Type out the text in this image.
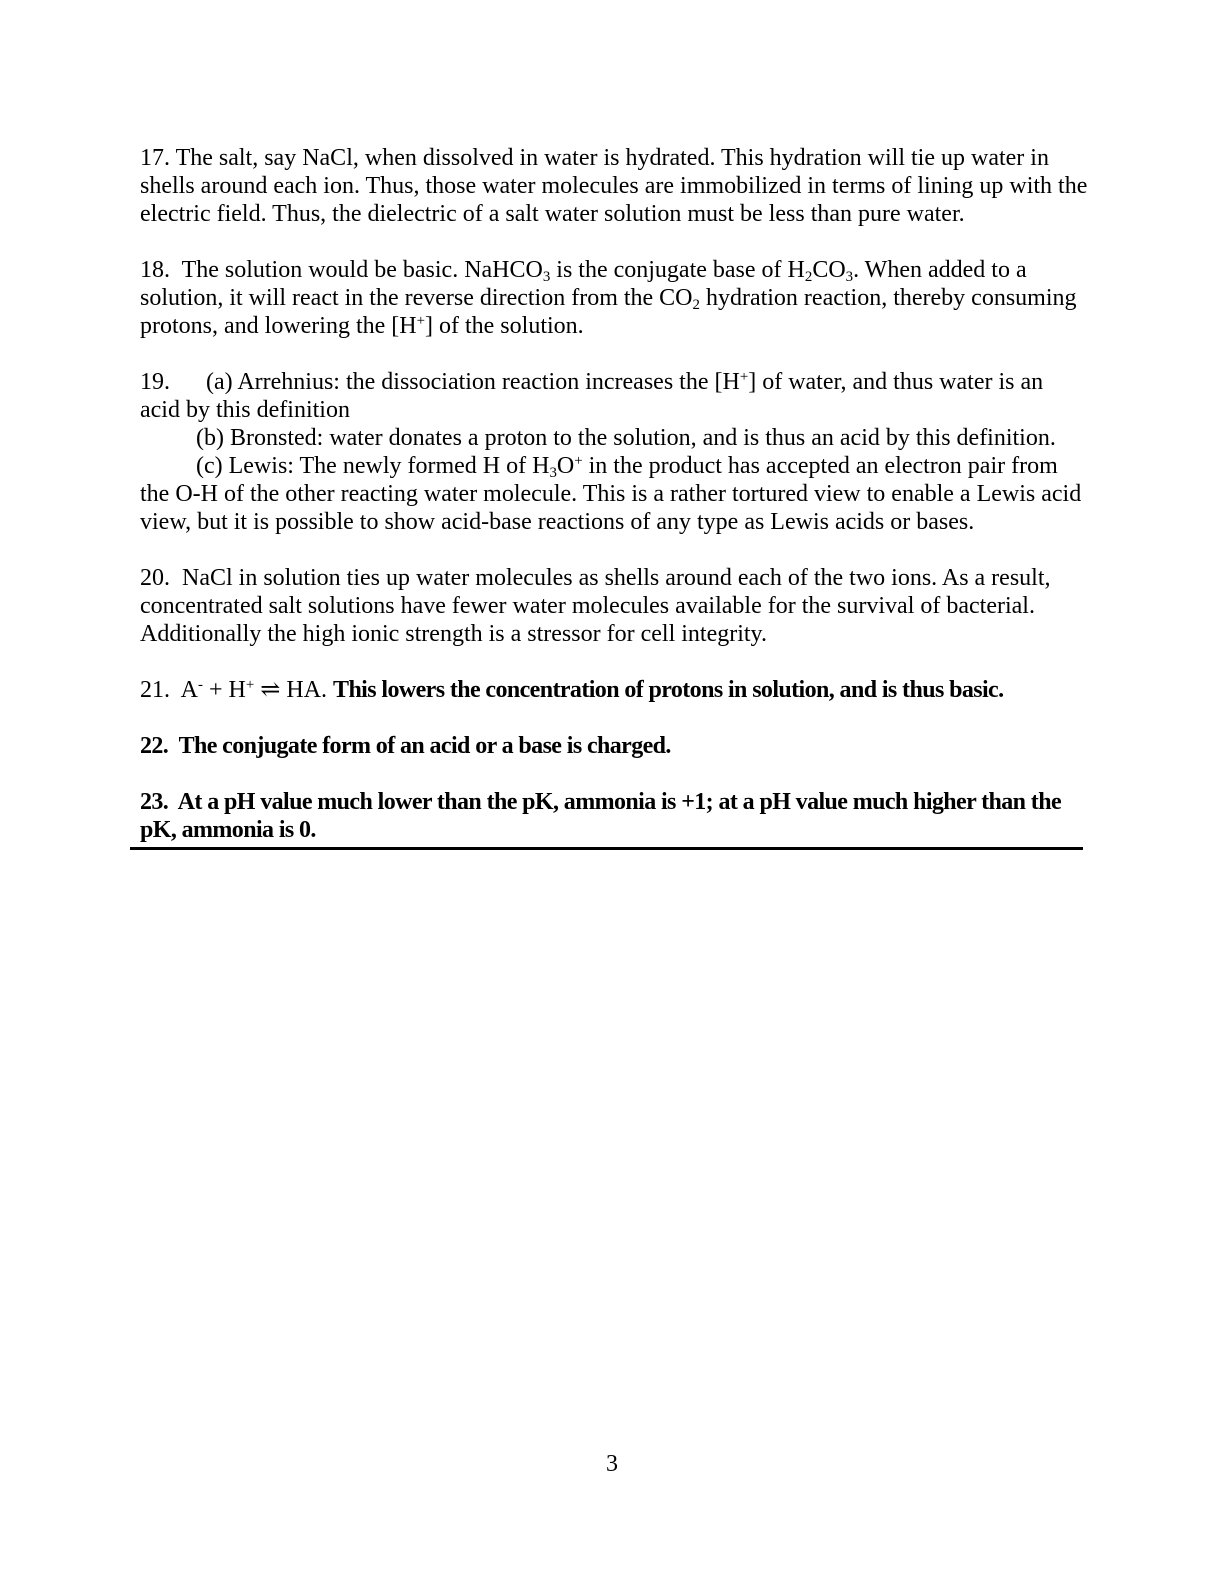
17. The salt, say NaCl, when dissolved in water is hydrated. This hydration will tie up water in shells around each ion. Thus, those water molecules are immobilized in terms of lining up with the electric field. Thus, the dielectric of a salt water solution must be less than pure water.
18.  The solution would be basic. NaHCO$_3$ is the conjugate base of $H_2CO_3$. When added to a solution, it will react in the reverse direction from the $CO_2$ hydration reaction, thereby consuming protons, and lowering the [H+] of the solution.
19. (a) Arrehnius: the dissociation reaction increases the [H+] of water, and thus water is an acid by this definition
(b) Bronsted: water donates a proton to the solution, and is thus an acid by this definition.
(c) Lewis: The newly formed H of $H_3O^+$ in the product has accepted an electron pair from the O-H of the other reacting water molecule. This is a rather tortured view to enable a Lewis acid view, but it is possible to show acid-base reactions of any type as Lewis acids or bases.
20.  NaCl in solution ties up water molecules as shells around each of the two ions. As a result, concentrated salt solutions have fewer water molecules available for the survival of bacterial. Additionally the high ionic strength is a stressor for cell integrity.
21.  A- + H+ ⇌ HA. This lowers the concentration of protons in solution, and is thus basic.
22.  The conjugate form of an acid or a base is charged.
23.  At a pH value much lower than the pK, ammonia is +1; at a pH value much higher than the pK, ammonia is 0.
3
